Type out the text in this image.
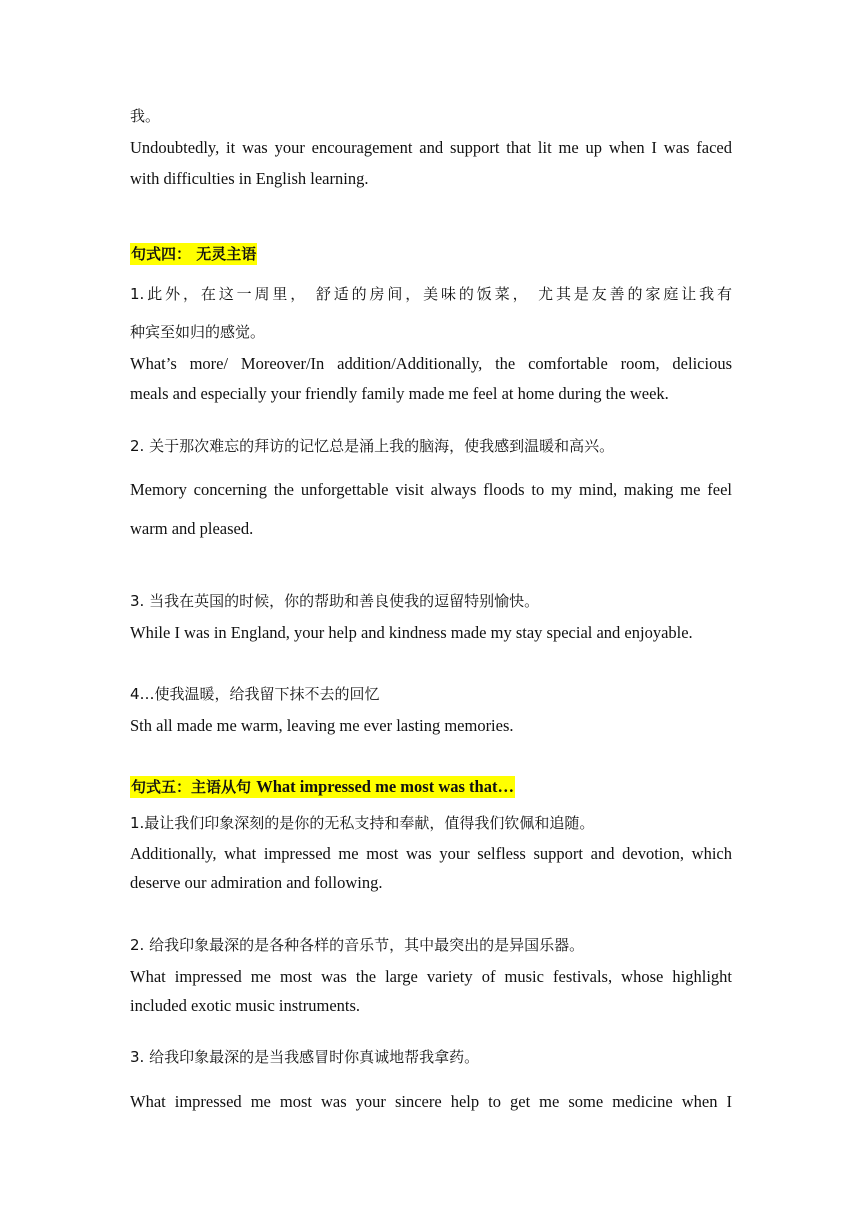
我。
Undoubtedly, it was your encouragement and support that lit me up when I was faced
with difficulties in English learning.
句式四： 无灵主语
1.此外，在这一周里， 舒适的房间，美味的饭菜， 尤其是友善的家庭让我有
种宾至如归的感觉。
What’s more/ Moreover/In addition/Additionally, the comfortable room, delicious
meals and especially your friendly family made me feel at home during the week.
2. 关于那次难忘的拜访的记忆总是涌上我的脑海，使我感到温暖和高兴。
Memory concerning the unforgettable visit always floods to my mind, making me feel
warm and pleased.
3. 当我在英国的时候，你的帮助和善良使我的逗留特别愉快。
While I was in England, your help and kindness made my stay special and enjoyable.
4…使我温暖，给我留下抹不去的回忆
Sth all made me warm, leaving me ever lasting memories.
句式五：主语从句 What impressed me most was that…
1.最让我们印象深刻的是你的无私支持和奉献，值得我们钦佩和追随。
Additionally, what impressed me most was your selfless support and devotion, which
deserve our admiration and following.
2. 给我印象最深的是各种各样的音乐节，其中最突出的是异国乐器。
What impressed me most was the large variety of music festivals, whose highlight
included exotic music instruments.
3. 给我印象最深的是当我感冒时你真诚地帮我拿药。
What impressed me most was your sincere help to get me some medicine when I
